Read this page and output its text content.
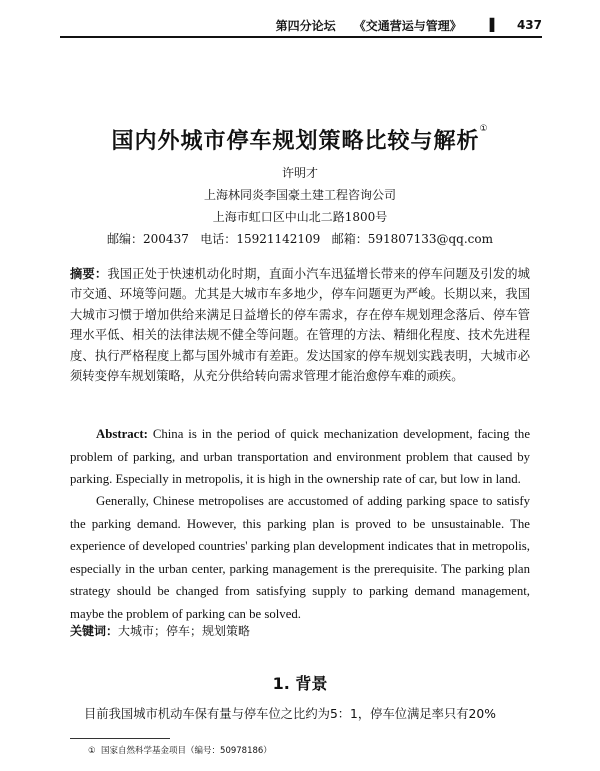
第四分论坛 《交通营运与管理》	▌ 437
国内外城市停车规划策略比较与解析①
许明才
上海林同炎李国豪土建工程咨询公司
上海市虹口区中山北二路1800号
邮编：200437 电话：15921142109 邮箱：591807133@qq.com
摘要：我国正处于快速机动化时期，直面小汽车迅猛增长带来的停车问题及引发的城市交通、环境等问题。尤其是大城市车多地少，停车问题更为严峻。长期以来，我国大城市习惯于增加供给来满足日益增长的停车需求，存在停车规划理念落后、停车管理水平低、相关的法律法规不健全等问题。在管理的方法、精细化程度、技术先进程度、执行严格程度上都与国外城市有差距。发达国家的停车规划实践表明，大城市必须转变停车规划策略，从充分供给转向需求管理才能治愈停车难的顽疾。

Abstract: China is in the period of quick mechanization development, facing the problem of parking, and urban transportation and environment problem that caused by parking. Especially in metropolis, it is high in the ownership rate of car, but low in land.

Generally, Chinese metropolises are accustomed of adding parking space to satisfy the parking demand. However, this parking plan is proved to be unsustainable. The experience of developed countries' parking plan development indicates that in metropolis, especially in the urban center, parking management is the prerequisite. The parking plan strategy should be changed from satisfying supply to parking demand management, maybe the problem of parking can be solved.

关键词：大城市；停车；规划策略
1. 背景
目前我国城市机动车保有量与停车位之比约为5：1，停车位满足率只有20%
① 国家自然科学基金项目（编号：50978186）
